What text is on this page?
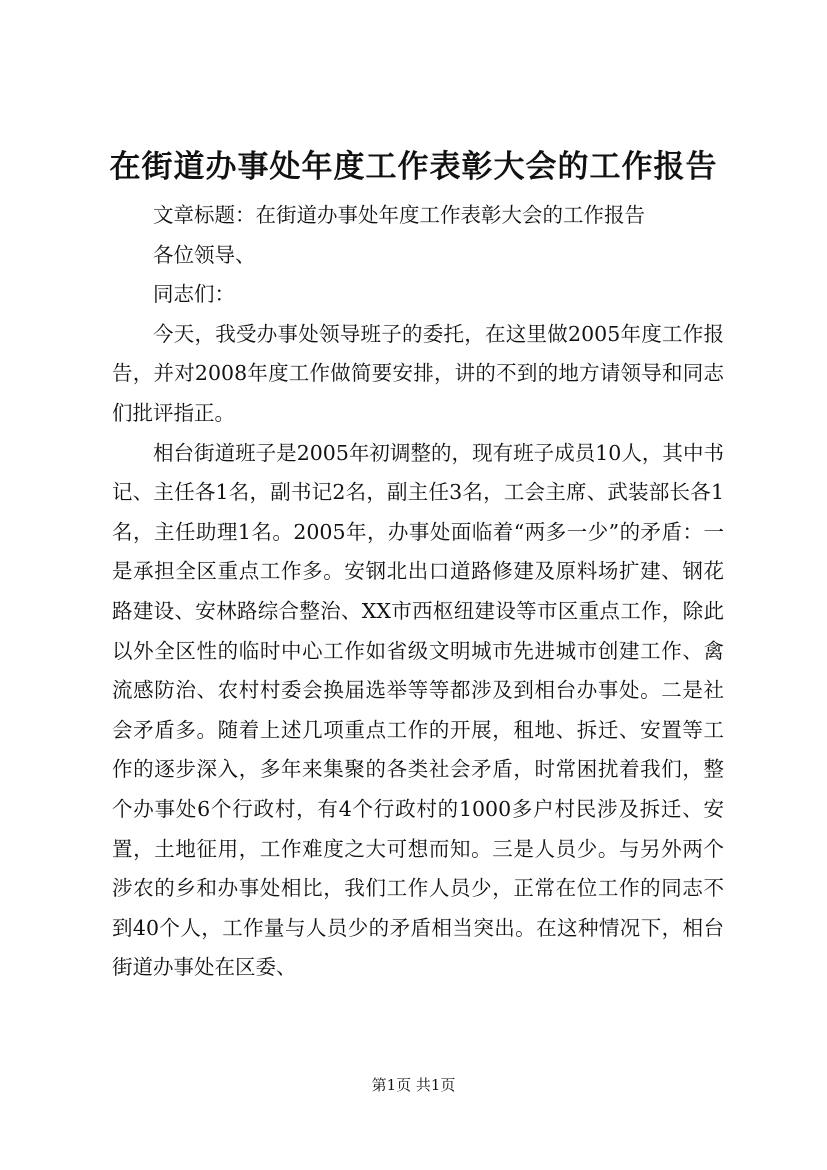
在街道办事处年度工作表彰大会的工作报告

文章标题：在街道办事处年度工作表彰大会的工作报告

各位领导、

同志们：

今天，我受办事处领导班子的委托，在这里做2005年度工作报告，并对2008年度工作做简要安排，讲的不到的地方请领导和同志们批评指正。

相台街道班子是2005年初调整的，现有班子成员10人，其中书记、主任各1名，副书记2名，副主任3名，工会主席、武装部长各1名，主任助理1名。2005年，办事处面临着“两多一少”的矛盾：一是承担全区重点工作多。安钢北出口道路修建及原料场扩建、钢花路建设、安林路综合整治、XX市西枢纽建设等市区重点工作，除此以外全区性的临时中心工作如省级文明城市先进城市创建工作、禽流感防治、农村村委会换届选举等等都涉及到相台办事处。二是社会矛盾多。随着上述几项重点工作的开展，租地、拆迁、安置等工作的逐步深入，多年来集聚的各类社会矛盾，时常困扰着我们，整个办事处6个行政村，有4个行政村的1000多户村民涉及拆迁、安置，土地征用，工作难度之大可想而知。三是人员少。与另外两个涉农的乡和办事处相比，我们工作人员少，正常在位工作的同志不到40个人，工作量与人员少的矛盾相当突出。在这种情况下，相台街道办事处在区委、

第1页 共1页
